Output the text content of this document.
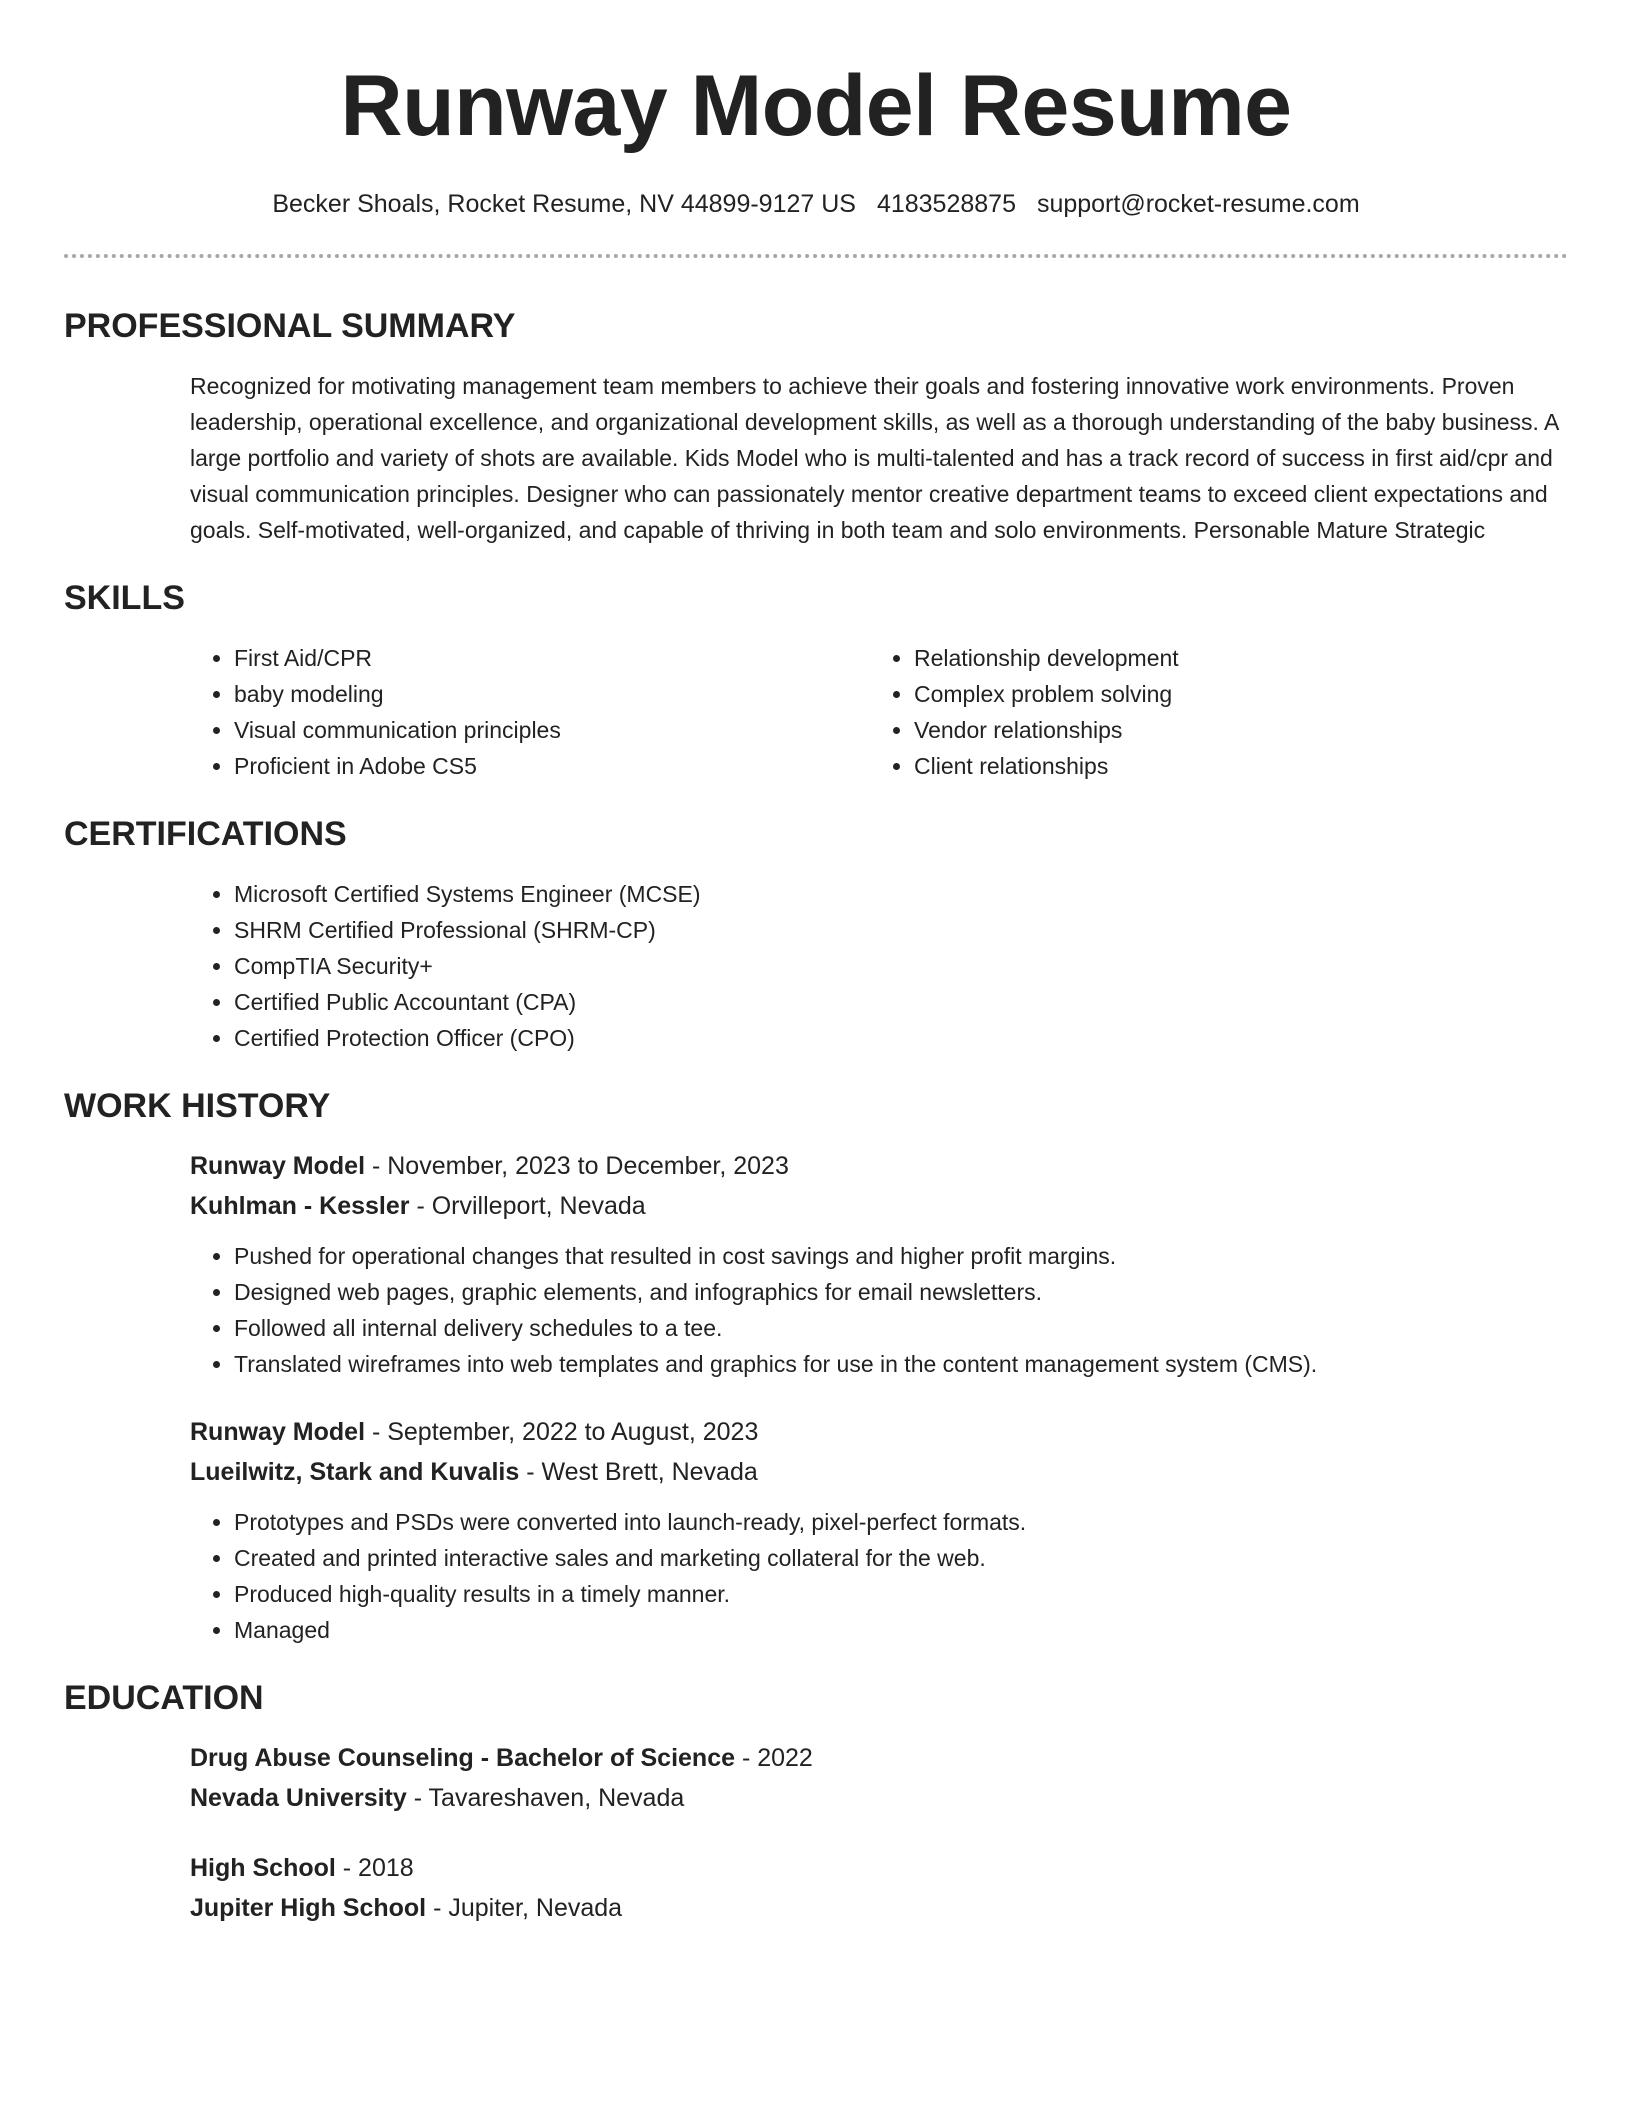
Runway Model Resume
Becker Shoals, Rocket Resume, NV 44899-9127 US 4183528875 support@rocket-resume.com
PROFESSIONAL SUMMARY

Recognized for motivating management team members to achieve their goals and fostering innovative work environments. Proven leadership, operational excellence, and organizational development skills, as well as a thorough understanding of the baby business. A large portfolio and variety of shots are available. Kids Model who is multi-talented and has a track record of success in first aid/cpr and visual communication principles. Designer who can passionately mentor creative department teams to exceed client expectations and goals. Self-motivated, well-organized, and capable of thriving in both team and solo environments. Personable Mature Strategic

SKILLS
• First Aid/CPR
• baby modeling
• Visual communication principles
• Proficient in Adobe CS5
• Relationship development
• Complex problem solving
• Vendor relationships
• Client relationships
CERTIFICATIONS
• Microsoft Certified Systems Engineer (MCSE)
• SHRM Certified Professional (SHRM-CP)
• CompTIA Security+
• Certified Public Accountant (CPA)
• Certified Protection Officer (CPO)
WORK HISTORY
Runway Model - November, 2023 to December, 2023
Kuhlman - Kessler - Orvilleport, Nevada
• Pushed for operational changes that resulted in cost savings and higher profit margins.
• Designed web pages, graphic elements, and infographics for email newsletters.
• Followed all internal delivery schedules to a tee.
• Translated wireframes into web templates and graphics for use in the content management system (CMS).
Runway Model - September, 2022 to August, 2023
Lueilwitz, Stark and Kuvalis - West Brett, Nevada
• Prototypes and PSDs were converted into launch-ready, pixel-perfect formats.
• Created and printed interactive sales and marketing collateral for the web.
• Produced high-quality results in a timely manner.
• Managed
EDUCATION
Drug Abuse Counseling - Bachelor of Science - 2022
Nevada University - Tavareshaven, Nevada
High School - 2018
Jupiter High School - Jupiter, Nevada
